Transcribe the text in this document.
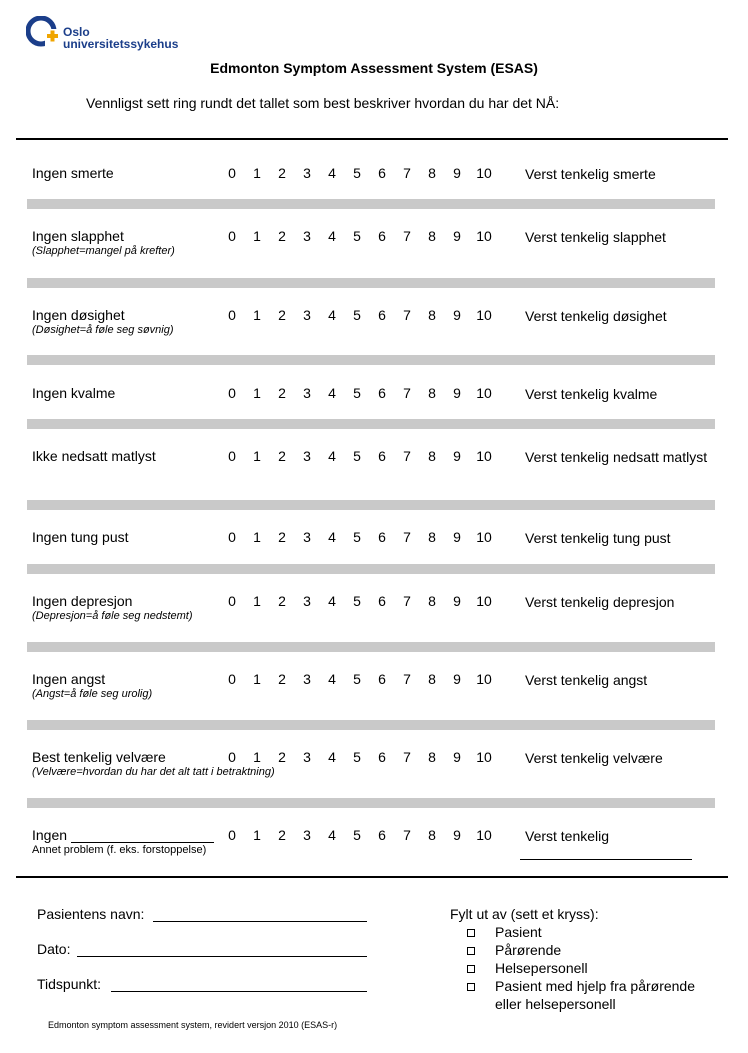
Oslo
universitetssykehus
Edmonton Symptom Assessment System (ESAS)
Vennligst sett ring rundt det tallet som best beskriver hvordan du har det NÅ:
Ingen smerte	0	1	2	3	4	5	6	7	8	9	10 Verst tenkelig smerte
Ingen slapphet
(Slapphet=mangel på krefter)
0	1	2	3	4	5	6	7	8	9	10 Verst tenkelig slapphet
Ingen døsighet
(Døsighet=å føle seg søvnig)
0	1	2	3	4	5	6	7	8	9	10 Verst tenkelig døsighet
Ingen kvalme	0	1	2	3	4	5	6	7	8	9	10 Verst tenkelig kvalme
Ikke nedsatt matlyst	0	1	2	3	4	5	6	7	8	9	10 Verst tenkelig nedsatt matlyst
Ingen tung pust	0	1	2	3	4	5	6	7	8	9	10 Verst tenkelig tung pust
Ingen depresjon
(Depresjon=å føle seg nedstemt)
0	1	2	3	4	5	6	7	8	9	10 Verst tenkelig depresjon
Ingen angst
(Angst=å føle seg urolig)
0	1	2	3	4	5	6	7	8	9	10 Verst tenkelig angst
Best tenkelig velvære
(Velvære=hvordan du har det alt tatt i betraktning)
0	1	2	3	4	5	6	7	8	9	10 Verst tenkelig velvære
Ingen
Annet problem (f. eks. forstoppelse)
0	1	2	3	4	5	6	7	8	9	10 Verst tenkelig
Pasientens navn:
Dato:
Tidspunkt:
Fylt ut av (sett et kryss):
Pasient
Pårørende
Helsepersonell
Pasient med hjelp fra pårørende eller helsepersonell
Edmonton symptom assessment system, revidert versjon 2010 (ESAS-r)
